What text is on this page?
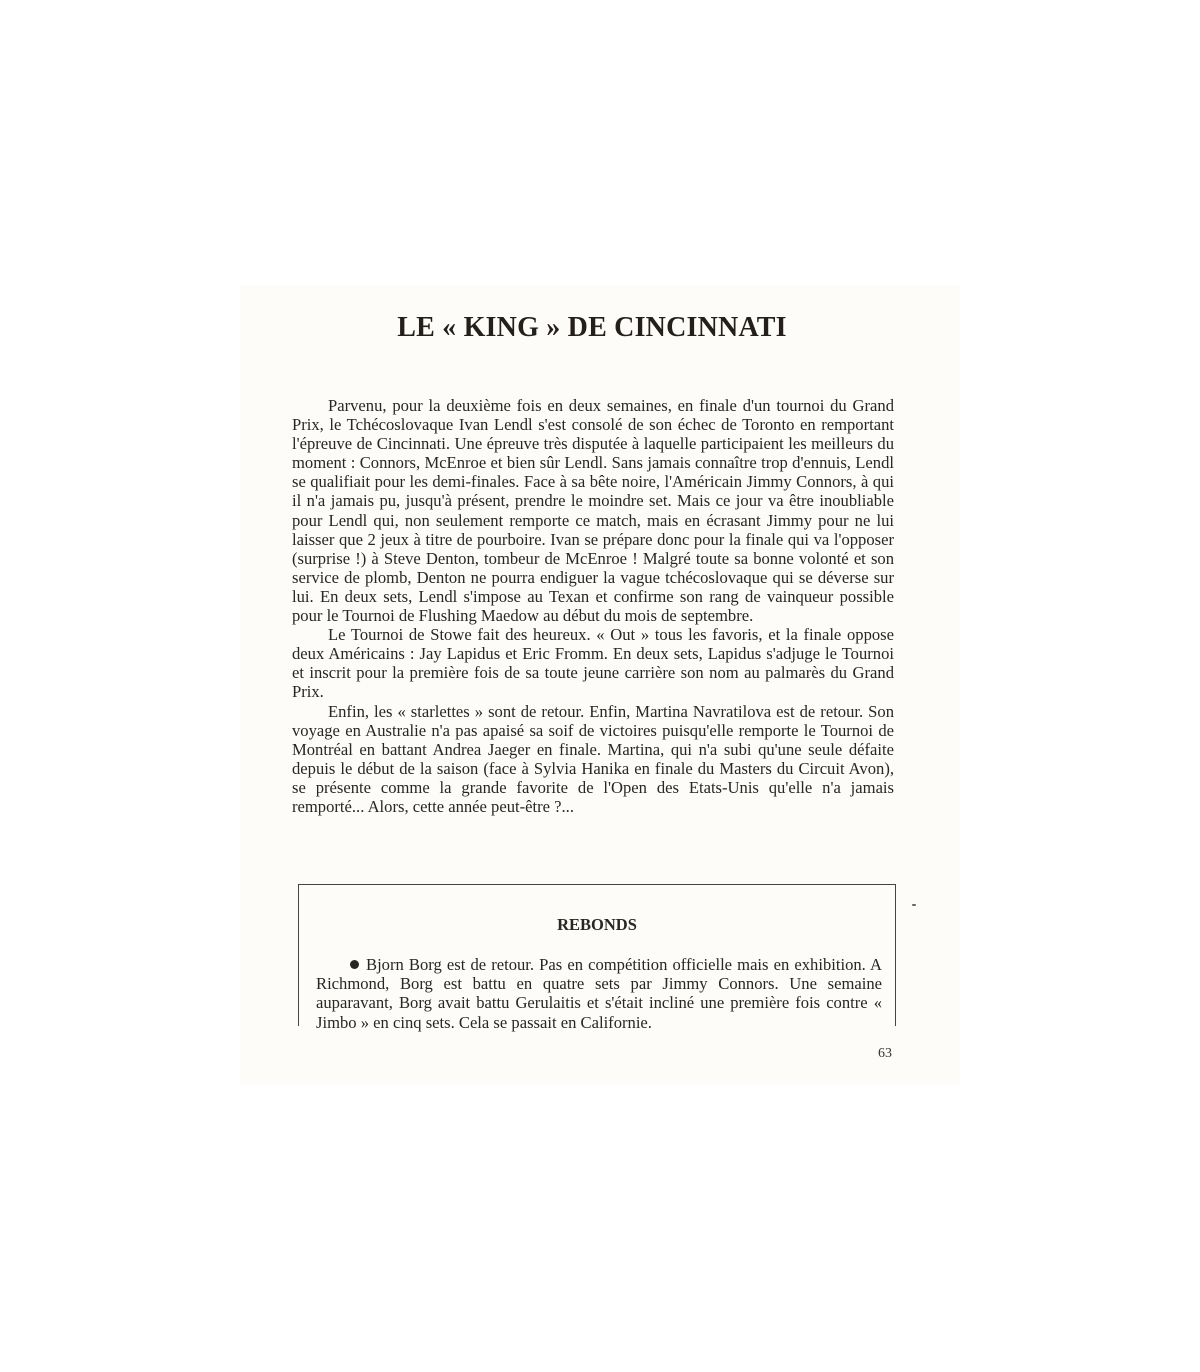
LE « KING » DE CINCINNATI

Parvenu, pour la deuxième fois en deux semaines, en finale d'un tournoi du Grand Prix, le Tchécoslovaque Ivan Lendl s'est consolé de son échec de Toronto en remportant l'épreuve de Cincinnati. Une épreuve très disputée à laquelle participaient les meilleurs du moment : Connors, McEnroe et bien sûr Lendl. Sans jamais connaître trop d'ennuis, Lendl se qualifiait pour les demi-finales. Face à sa bête noire, l'Américain Jimmy Connors, à qui il n'a jamais pu, jusqu'à présent, prendre le moindre set. Mais ce jour va être inoubliable pour Lendl qui, non seulement remporte ce match, mais en écrasant Jimmy pour ne lui laisser que 2 jeux à titre de pourboire. Ivan se prépare donc pour la finale qui va l'opposer (surprise !) à Steve Denton, tombeur de McEnroe ! Malgré toute sa bonne volonté et son service de plomb, Denton ne pourra endiguer la vague tchécoslovaque qui se déverse sur lui. En deux sets, Lendl s'impose au Texan et confirme son rang de vainqueur possible pour le Tournoi de Flushing Maedow au début du mois de septembre.

Le Tournoi de Stowe fait des heureux. « Out » tous les favoris, et la finale oppose deux Américains : Jay Lapidus et Eric Fromm. En deux sets, Lapidus s'adjuge le Tournoi et inscrit pour la première fois de sa toute jeune carrière son nom au palmarès du Grand Prix.

Enfin, les « starlettes » sont de retour. Enfin, Martina Navratilova est de retour. Son voyage en Australie n'a pas apaisé sa soif de victoires puisqu'elle remporte le Tournoi de Montréal en battant Andrea Jaeger en finale. Martina, qui n'a subi qu'une seule défaite depuis le début de la saison (face à Sylvia Hanika en finale du Masters du Circuit Avon), se présente comme la grande favorite de l'Open des Etats-Unis qu'elle n'a jamais remporté... Alors, cette année peut-être ?...

REBONDS

Bjorn Borg est de retour. Pas en compétition officielle mais en exhibition. A Richmond, Borg est battu en quatre sets par Jimmy Connors. Une semaine auparavant, Borg avait battu Gerulaitis et s'était incliné une première fois contre « Jimbo » en cinq sets. Cela se passait en Californie.

63
